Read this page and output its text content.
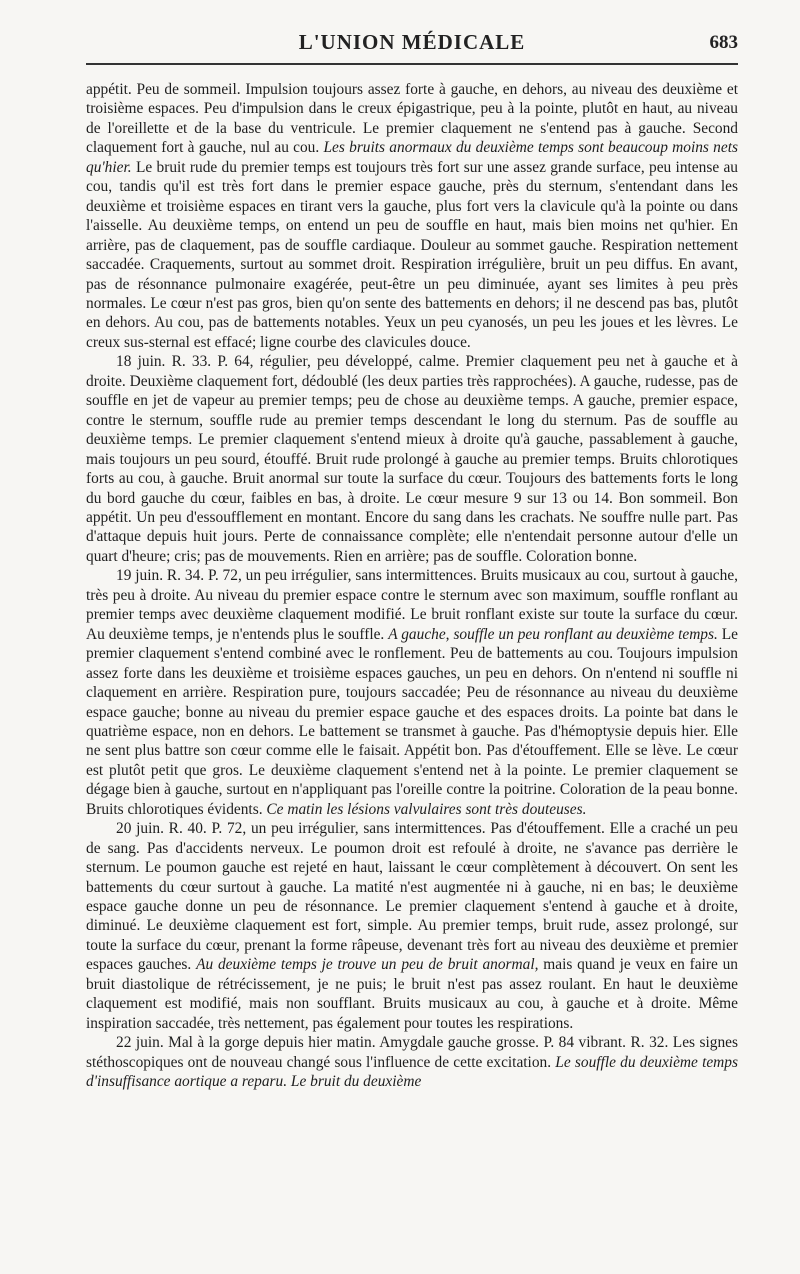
L'UNION MÉDICALE	683

appétit. Peu de sommeil. Impulsion toujours assez forte à gauche, en dehors, au niveau des deuxième et troisième espaces. Peu d'impulsion dans le creux épigastrique, peu à la pointe, plutôt en haut, au niveau de l'oreillette et de la base du ventricule. Le premier claquement ne s'entend pas à gauche. Second claquement fort à gauche, nul au cou. Les bruits anormaux du deuxième temps sont beaucoup moins nets qu'hier. Le bruit rude du premier temps est toujours très fort sur une assez grande surface, peu intense au cou, tandis qu'il est très fort dans le premier espace gauche, près du sternum, s'entendant dans les deuxième et troisième espaces en tirant vers la gauche, plus fort vers la clavicule qu'à la pointe ou dans l'aisselle. Au deuxième temps, on entend un peu de souffle en haut, mais bien moins net qu'hier. En arrière, pas de claquement, pas de souffle cardiaque. Douleur au sommet gauche. Respiration nettement saccadée. Craquements, surtout au sommet droit. Respiration irrégulière, bruit un peu diffus. En avant, pas de résonnance pulmonaire exagérée, peut-être un peu diminuée, ayant ses limites à peu près normales. Le cœur n'est pas gros, bien qu'on sente des battements en dehors; il ne descend pas bas, plutôt en dehors. Au cou, pas de battements notables. Yeux un peu cyanosés, un peu les joues et les lèvres. Le creux sus-sternal est effacé; ligne courbe des clavicules douce.

18 juin. R. 33. P. 64, régulier, peu développé, calme. Premier claquement peu net à gauche et à droite. Deuxième claquement fort, dédoublé (les deux parties très rapprochées). A gauche, rudesse, pas de souffle en jet de vapeur au premier temps; peu de chose au deuxième temps. A gauche, premier espace, contre le sternum, souffle rude au premier temps descendant le long du sternum. Pas de souffle au deuxième temps. Le premier claquement s'entend mieux à droite qu'à gauche, passablement à gauche, mais toujours un peu sourd, étouffé. Bruit rude prolongé à gauche au premier temps. Bruits chlorotiques forts au cou, à gauche. Bruit anormal sur toute la surface du cœur. Toujours des battements forts le long du bord gauche du cœur, faibles en bas, à droite. Le cœur mesure 9 sur 13 ou 14. Bon sommeil. Bon appétit. Un peu d'essoufflement en montant. Encore du sang dans les crachats. Ne souffre nulle part. Pas d'attaque depuis huit jours. Perte de connaissance complète; elle n'entendait personne autour d'elle un quart d'heure; cris; pas de mouvements. Rien en arrière; pas de souffle. Coloration bonne.

19 juin. R. 34. P. 72, un peu irrégulier, sans intermittences. Bruits musicaux au cou, surtout à gauche, très peu à droite. Au niveau du premier espace contre le sternum avec son maximum, souffle ronflant au premier temps avec deuxième claquement modifié. Le bruit ronflant existe sur toute la surface du cœur. Au deuxième temps, je n'entends plus le souffle. A gauche, souffle un peu ronflant au deuxième temps. Le premier claquement s'entend combiné avec le ronflement. Peu de battements au cou. Toujours impulsion assez forte dans les deuxième et troisième espaces gauches, un peu en dehors. On n'entend ni souffle ni claquement en arrière. Respiration pure, toujours saccadée; Peu de résonnance au niveau du deuxième espace gauche; bonne au niveau du premier espace gauche et des espaces droits. La pointe bat dans le quatrième espace, non en dehors. Le battement se transmet à gauche. Pas d'hémoptysie depuis hier. Elle ne sent plus battre son cœur comme elle le faisait. Appétit bon. Pas d'étouffement. Elle se lève. Le cœur est plutôt petit que gros. Le deuxième claquement s'entend net à la pointe. Le premier claquement se dégage bien à gauche, surtout en n'appliquant pas l'oreille contre la poitrine. Coloration de la peau bonne. Bruits chlorotiques évidents. Ce matin les lésions valvulaires sont très douteuses.

20 juin. R. 40. P. 72, un peu irrégulier, sans intermittences. Pas d'étouffement. Elle a craché un peu de sang. Pas d'accidents nerveux. Le poumon droit est refoulé à droite, ne s'avance pas derrière le sternum. Le poumon gauche est rejeté en haut, laissant le cœur complètement à découvert. On sent les battements du cœur surtout à gauche. La matité n'est augmentée ni à gauche, ni en bas; le deuxième espace gauche donne un peu de résonnance. Le premier claquement s'entend à gauche et à droite, diminué. Le deuxième claquement est fort, simple. Au premier temps, bruit rude, assez prolongé, sur toute la surface du cœur, prenant la forme râpeuse, devenant très fort au niveau des deuxième et premier espaces gauches. Au deuxième temps je trouve un peu de bruit anormal, mais quand je veux en faire un bruit diastolique de rétrécissement, je ne puis; le bruit n'est pas assez roulant. En haut le deuxième claquement est modifié, mais non soufflant. Bruits musicaux au cou, à gauche et à droite. Même inspiration saccadée, très nettement, pas également pour toutes les respirations.

22 juin. Mal à la gorge depuis hier matin. Amygdale gauche grosse. P. 84 vibrant. R. 32. Les signes stéthoscopiques ont de nouveau changé sous l'influence de cette excitation. Le souffle du deuxième temps d'insuffisance aortique a reparu. Le bruit du deuxième
